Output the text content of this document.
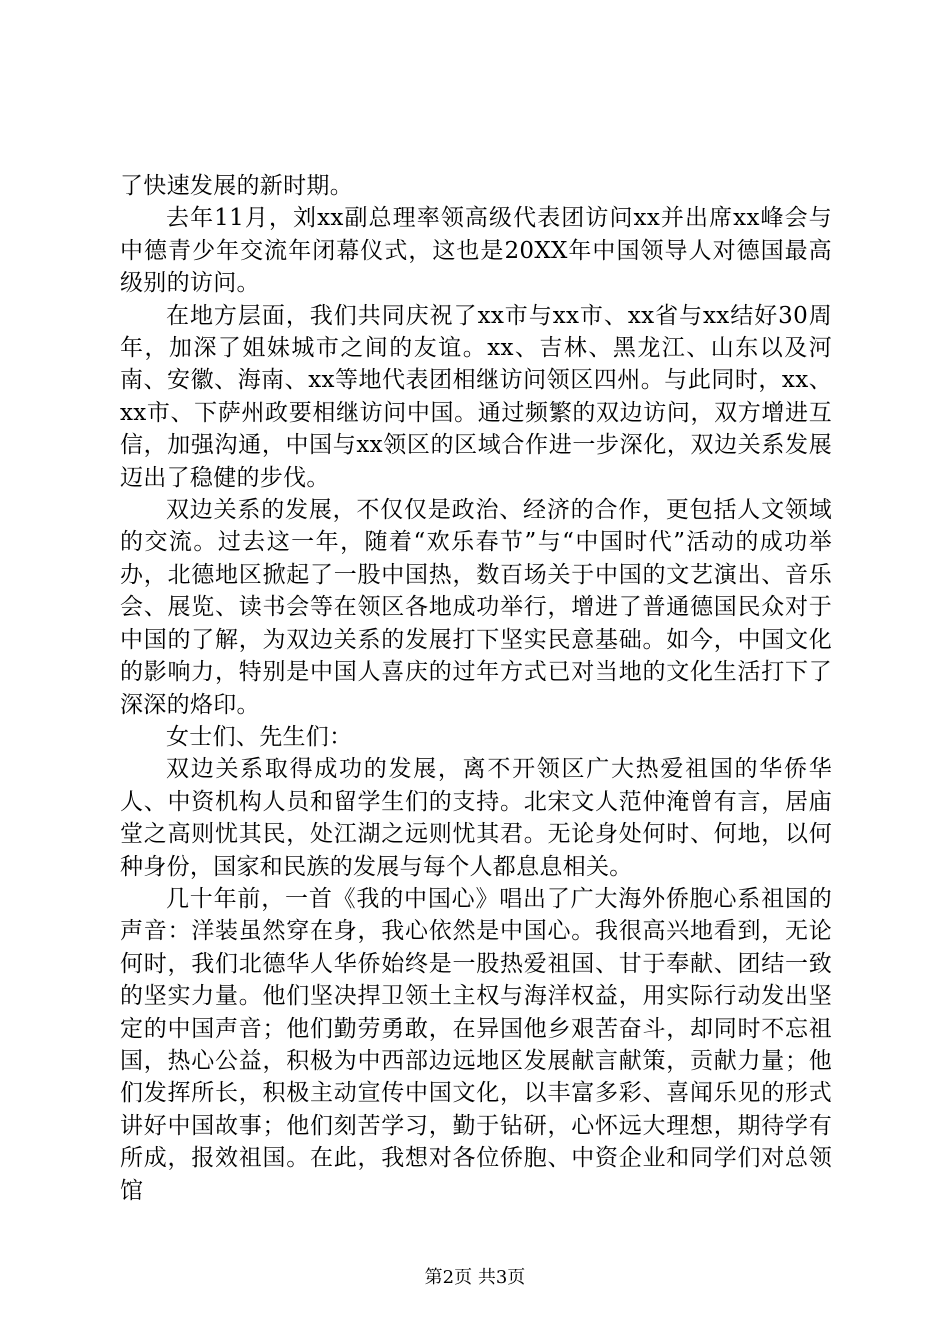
了快速发展的新时期。

去年11月，刘xx副总理率领高级代表团访问xx并出席xx峰会与中德青少年交流年闭幕仪式，这也是20XX年中国领导人对德国最高级别的访问。

在地方层面，我们共同庆祝了xx市与xx市、xx省与xx结好30周年，加深了姐妹城市之间的友谊。xx、吉林、黑龙江、山东以及河南、安徽、海南、xx等地代表团相继访问领区四州。与此同时，xx、xx市、下萨州政要相继访问中国。通过频繁的双边访问，双方增进互信，加强沟通，中国与xx领区的区域合作进一步深化，双边关系发展迈出了稳健的步伐。

双边关系的发展，不仅仅是政治、经济的合作，更包括人文领域的交流。过去这一年，随着“欢乐春节”与“中国时代”活动的成功举办，北德地区掀起了一股中国热，数百场关于中国的文艺演出、音乐会、展览、读书会等在领区各地成功举行，增进了普通德国民众对于中国的了解，为双边关系的发展打下坚实民意基础。如今，中国文化的影响力，特别是中国人喜庆的过年方式已对当地的文化生活打下了深深的烙印。

女士们、先生们：

双边关系取得成功的发展，离不开领区广大热爱祖国的华侨华人、中资机构人员和留学生们的支持。北宋文人范仲淹曾有言，居庙堂之高则忧其民，处江湖之远则忧其君。无论身处何时、何地，以何种身份，国家和民族的发展与每个人都息息相关。

几十年前，一首《我的中国心》唱出了广大海外侨胞心系祖国的声音：洋装虽然穿在身，我心依然是中国心。我很高兴地看到，无论何时，我们北德华人华侨始终是一股热爱祖国、甘于奉献、团结一致的坚实力量。他们坚决捍卫领土主权与海洋权益，用实际行动发出坚定的中国声音；他们勤劳勇敢，在异国他乡艰苦奋斗，却同时不忘祖国，热心公益，积极为中西部边远地区发展献言献策，贡献力量；他们发挥所长，积极主动宣传中国文化，以丰富多彩、喜闻乐见的形式讲好中国故事；他们刻苦学习，勤于钻研，心怀远大理想，期待学有所成，报效祖国。在此，我想对各位侨胞、中资企业和同学们对总领馆

第2页 共3页
